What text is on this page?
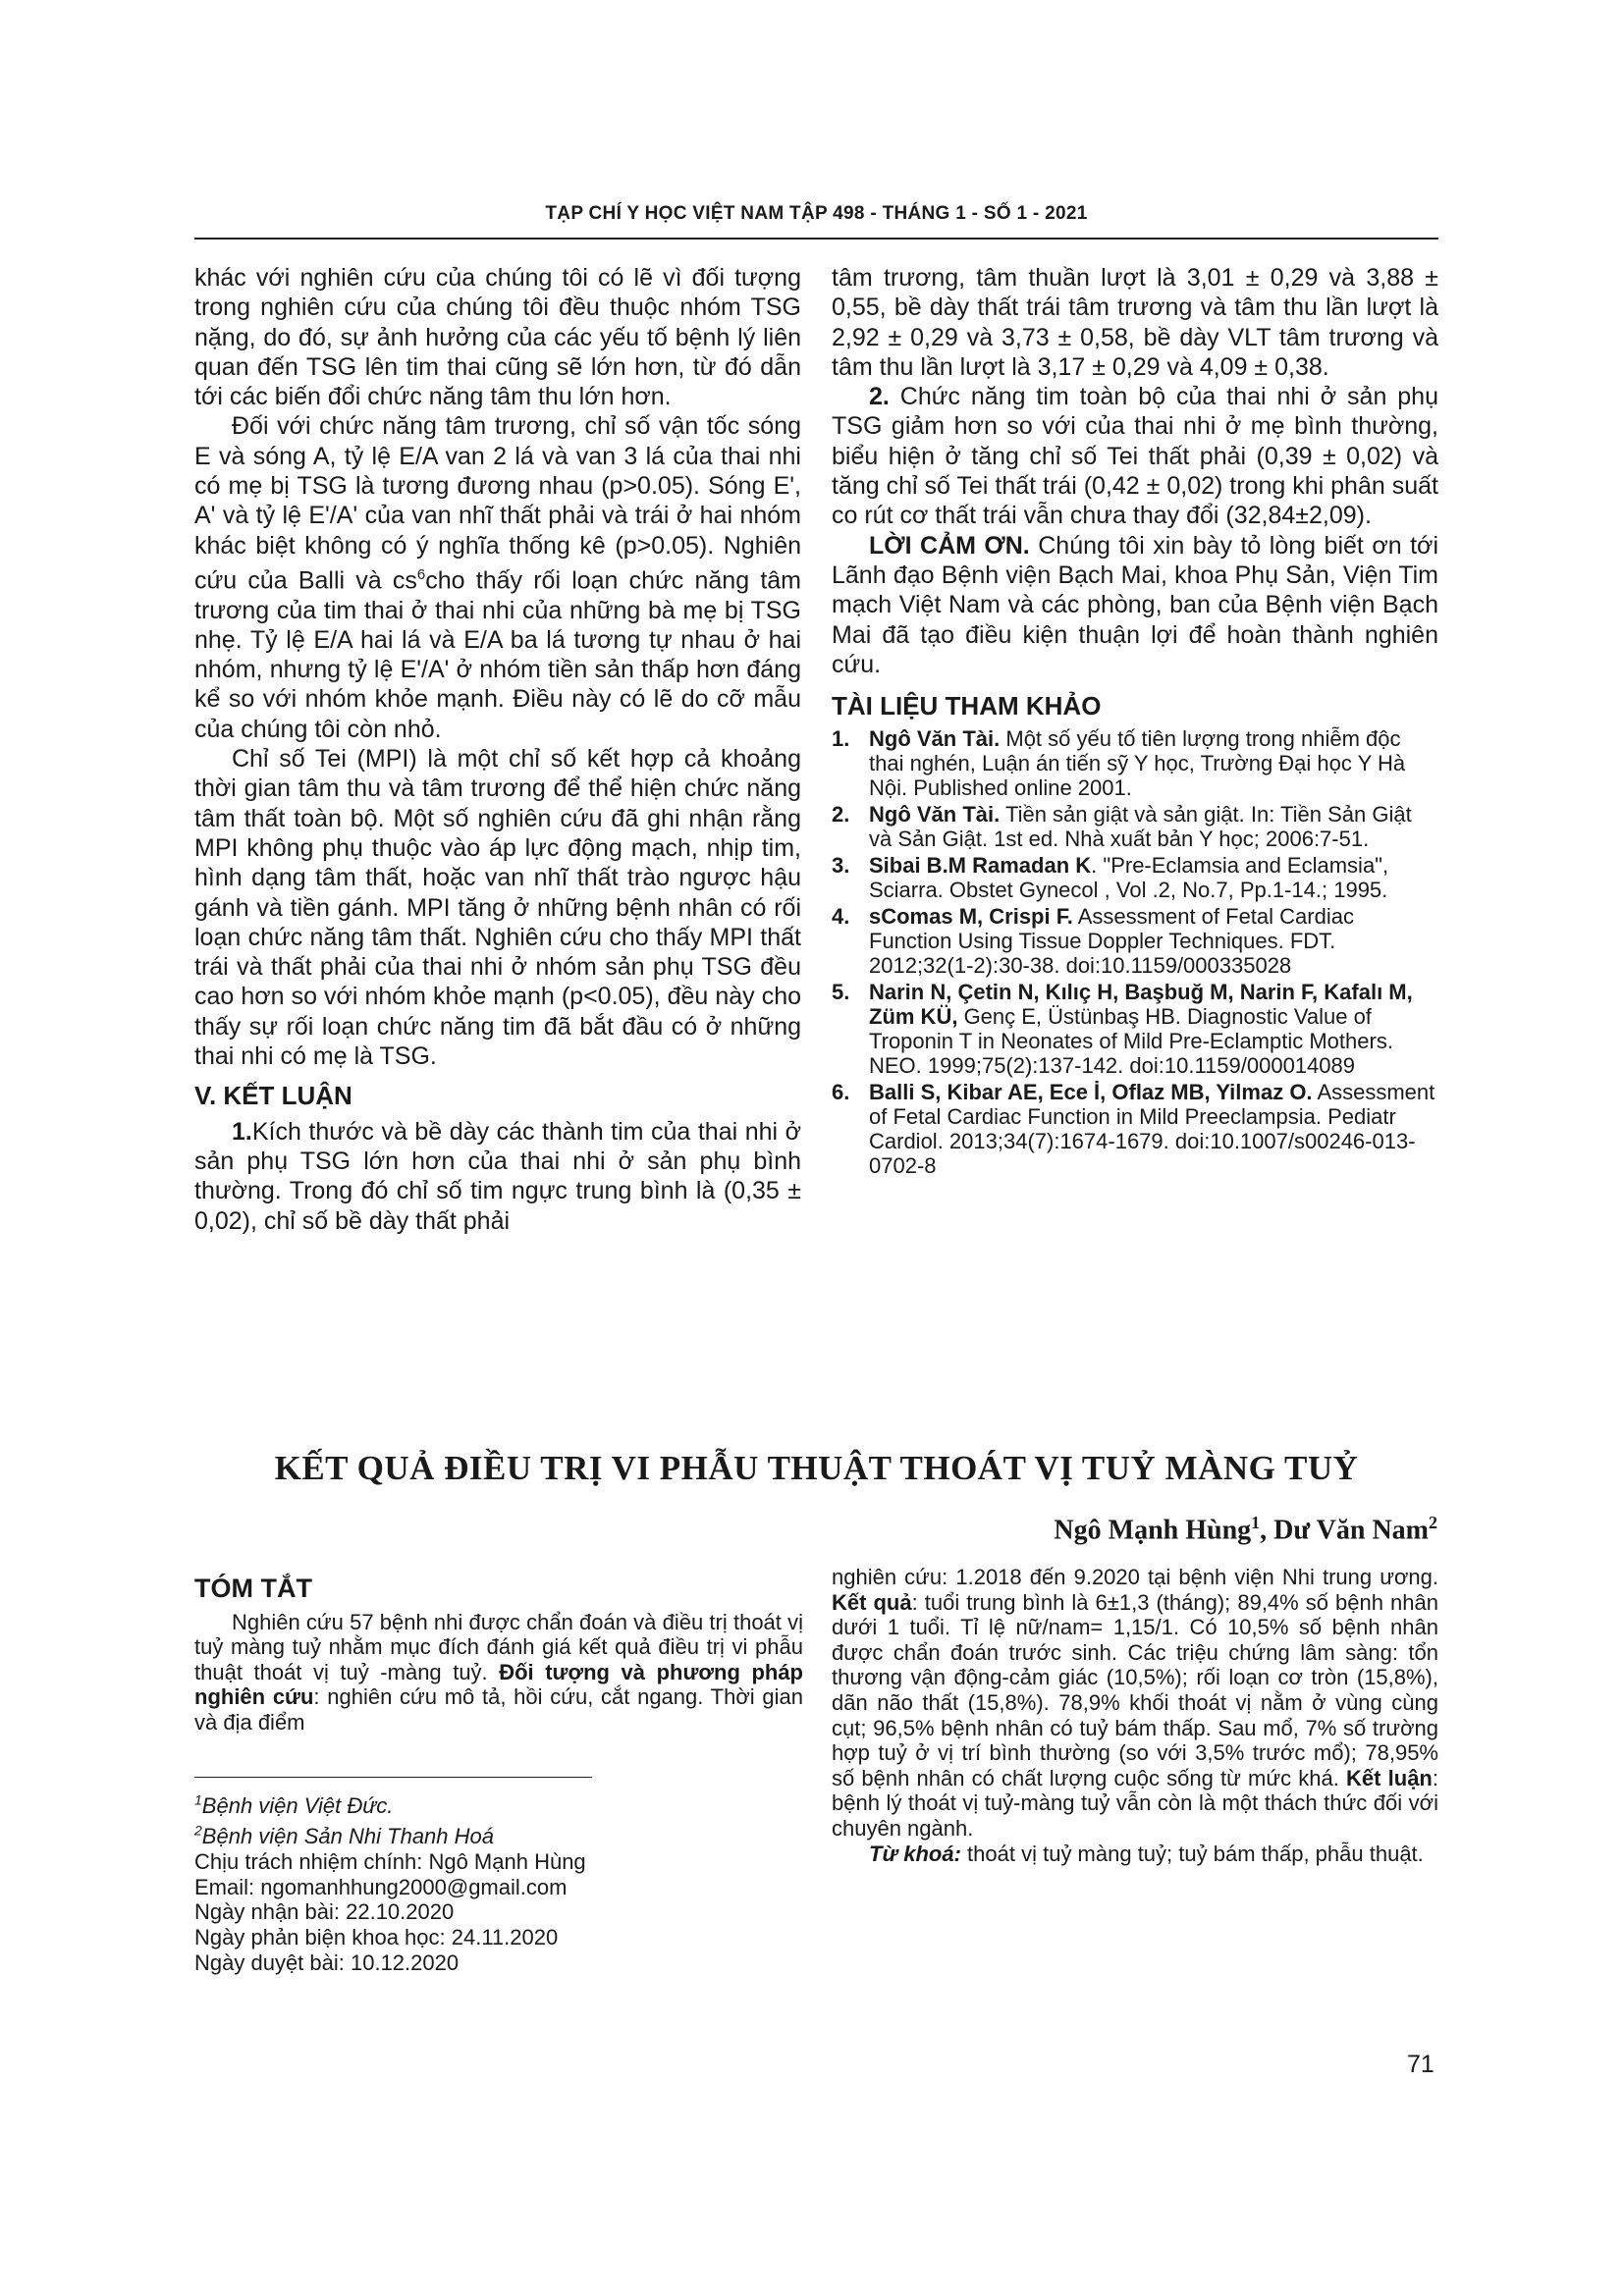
TẠP CHÍ Y HỌC VIỆT NAM TẬP 498 - THÁNG 1 - SỐ 1 - 2021

khác với nghiên cứu của chúng tôi có lẽ vì đối tượng trong nghiên cứu của chúng tôi đều thuộc nhóm TSG nặng, do đó, sự ảnh hưởng của các yếu tố bệnh lý liên quan đến TSG lên tim thai cũng sẽ lớn hơn, từ đó dẫn tới các biến đổi chức năng tâm thu lớn hơn.

Đối với chức năng tâm trương, chỉ số vận tốc sóng E và sóng A, tỷ lệ E/A van 2 lá và van 3 lá của thai nhi có mẹ bị TSG là tương đương nhau (p>0.05). Sóng E', A' và tỷ lệ E'/A' của van nhĩ thất phải và trái ở hai nhóm khác biệt không có ý nghĩa thống kê (p>0.05). Nghiên cứu của Balli và $cs^6cho$ thấy rối loạn chức năng tâm trương của tim thai ở thai nhi của những bà mẹ bị TSG nhẹ. Tỷ lệ E/A hai lá và E/A ba lá tương tự nhau ở hai nhóm, nhưng tỷ lệ E'/A' ở nhóm tiền sản thấp hơn đáng kể so với nhóm khỏe mạnh. Điều này có lẽ do cỡ mẫu của chúng tôi còn nhỏ.

Chỉ số Tei (MPI) là một chỉ số kết hợp cả khoảng thời gian tâm thu và tâm trương để thể hiện chức năng tâm thất toàn bộ. Một số nghiên cứu đã ghi nhận rằng MPI không phụ thuộc vào áp lực động mạch, nhịp tim, hình dạng tâm thất, hoặc van nhĩ thất trào ngược hậu gánh và tiền gánh. MPI tăng ở những bệnh nhân có rối loạn chức năng tâm thất. Nghiên cứu cho thấy MPI thất trái và thất phải của thai nhi ở nhóm sản phụ TSG đều cao hơn so với nhóm khỏe mạnh (p<0.05), đều này cho thấy sự rối loạn chức năng tim đã bắt đầu có ở những thai nhi có mẹ là TSG.

V. KẾT LUẬN

1.Kích thước và bề dày các thành tim của thai nhi ở sản phụ TSG lớn hơn của thai nhi ở sản phụ bình thường. Trong đó chỉ số tim ngực trung bình là (0,35 ± 0,02), chỉ số bề dày thất phải

tâm trương, tâm thuần lượt là 3,01 ± 0,29 và 3,88 ± 0,55, bề dày thất trái tâm trương và tâm thu lần lượt là 2,92 ± 0,29 và 3,73 ± 0,58, bề dày VLT tâm trương và tâm thu lần lượt là 3,17 ± 0,29 và 4,09 ± 0,38.

2. Chức năng tim toàn bộ của thai nhi ở sản phụ TSG giảm hơn so với của thai nhi ở mẹ bình thường, biểu hiện ở tăng chỉ số Tei thất phải (0,39 ± 0,02) và tăng chỉ số Tei thất trái (0,42 ± 0,02) trong khi phân suất co rút cơ thất trái vẫn chưa thay đổi (32,84±2,09).

LỜI CẢM ƠN. Chúng tôi xin bày tỏ lòng biết ơn tới Lãnh đạo Bệnh viện Bạch Mai, khoa Phụ Sản, Viện Tim mạch Việt Nam và các phòng, ban của Bệnh viện Bạch Mai đã tạo điều kiện thuận lợi để hoàn thành nghiên cứu.

TÀI LIỆU THAM KHẢO

1. Ngô Văn Tài. Một số yếu tố tiên lượng trong nhiễm độc thai nghén, Luận án tiến sỹ Y học, Trường Đại học Y Hà Nội. Published online 2001.
2. Ngô Văn Tài. Tiền sản giật và sản giật. In: Tiền Sản Giật và Sản Giật. 1st ed. Nhà xuất bản Y học; 2006:7-51.
3. Sibai B.M Ramadan K. "Pre-Eclamsia and Eclamsia", Sciarra. Obstet Gynecol , Vol .2, No.7, Pp.1-14.; 1995.
4. sComas M, Crispi F. Assessment of Fetal Cardiac Function Using Tissue Doppler Techniques. FDT. 2012;32(1-2):30-38. doi:10.1159/000335028
5. Narin N, Çetin N, Kılıç H, Başbuğ M, Narin F, Kafalı M, Züm KÜ, Genç E, Üstünbaş HB. Diagnostic Value of Troponin T in Neonates of Mild Pre-Eclamptic Mothers. NEO. 1999;75(2):137-142. doi:10.1159/000014089
6. Balli S, Kibar AE, Ece İ, Oflaz MB, Yilmaz O. Assessment of Fetal Cardiac Function in Mild Preeclampsia. Pediatr Cardiol. 2013;34(7):1674-1679. doi:10.1007/s00246-013-0702-8
KẾT QUẢ ĐIỀU TRỊ VI PHẪU THUẬT THOÁT VỊ TUỶ MÀNG TUỶ
Ngô Mạnh Hùng$^1$, Dư Văn Nam$^2$

TÓM TẮT

Nghiên cứu 57 bệnh nhi được chẩn đoán và điều trị thoát vị tuỷ màng tuỷ nhằm mục đích đánh giá kết quả điều trị vi phẫu thuật thoát vị tuỷ -màng tuỷ. Đối tượng và phương pháp nghiên cứu: nghiên cứu mô tả, hồi cứu, cắt ngang. Thời gian và địa điểm

$^1$Bệnh viện Việt Đức.

$^2$Bệnh viện Sản Nhi Thanh Hoá

Chịu trách nhiệm chính: Ngô Mạnh Hùng

Email: ngomanhhung2000@gmail.com

Ngày nhận bài: 22.10.2020

Ngày phản biện khoa học: 24.11.2020

Ngày duyệt bài: 10.12.2020

nghiên cứu: 1.2018 đến 9.2020 tại bệnh viện Nhi trung ương. Kết quả: tuổi trung bình là 6±1,3 (tháng); 89,4% số bệnh nhân dưới 1 tuổi. Tỉ lệ nữ/nam= 1,15/1. Có 10,5% số bệnh nhân được chẩn đoán trước sinh. Các triệu chứng lâm sàng: tổn thương vận động-cảm giác (10,5%); rối loạn cơ tròn (15,8%), dãn não thất (15,8%). 78,9% khối thoát vị nằm ở vùng cùng cụt; 96,5% bệnh nhân có tuỷ bám thấp. Sau mổ, 7% số trường hợp tuỷ ở vị trí bình thường (so với 3,5% trước mổ); 78,95% số bệnh nhân có chất lượng cuộc sống từ mức khá. Kết luận: bệnh lý thoát vị tuỷ-màng tuỷ vẫn còn là một thách thức đối với chuyên ngành.

Từ khoá: thoát vị tuỷ màng tuỷ; tuỷ bám thấp, phẫu thuật.

71
